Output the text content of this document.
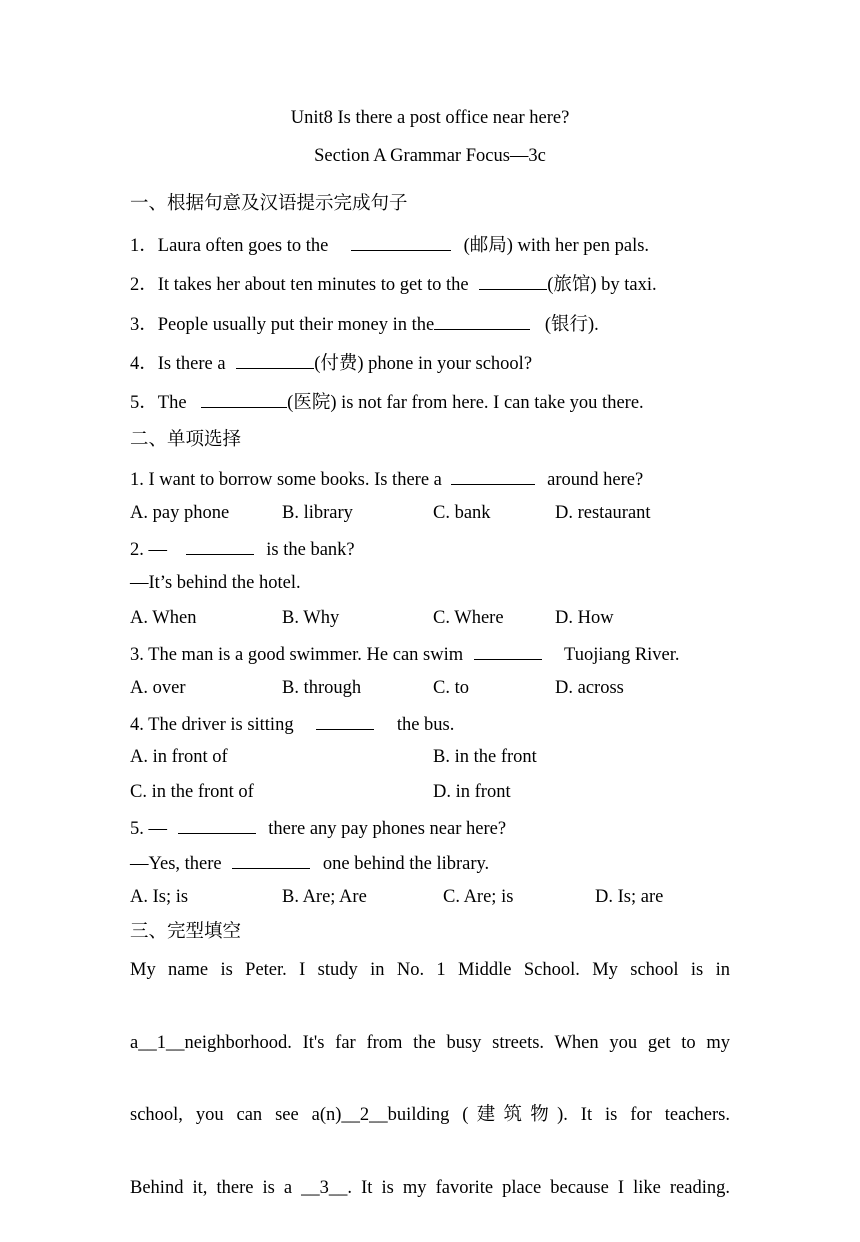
Unit8 Is there a post office near here?
Section A Grammar Focus—3c
一、根据句意及汉语提示完成句子
1．Laura often goes to the	(邮局) with her pen pals.
2．It takes her about ten minutes to get to the	(旅馆) by taxi.
3．People usually put their money in the	(银行).
4．Is there a	(付费) phone in your school?
5．The	(医院) is not far from here. I can take you there.
二、单项选择
1. I want to borrow some books. Is there a	around here?
A. pay phone	B. library	C. bank	D. restaurant
2. —	is the bank?
—It’s behind the hotel.
A. When	B. Why	C. Where	D. How
3. The man is a good swimmer. He can swim	Tuojiang River.
A. over	B. through	C. to	D. across
4. The driver is sitting	the bus.
A. in front of	B. in the front
C. in the front of	D. in front
5. —	there any pay phones near here?
—Yes, there	one behind the library.
A. Is; is	B. Are; Are	C. Are; is	D. Is; are
三、完型填空
My name is Peter. I study in No. 1 Middle School. My school is in
a__1__neighborhood. It's far from the busy streets. When you get to my
school, you can see a(n)__2__building (建筑物). It is for teachers.
Behind it, there is a __3__. It is my favorite place because I like reading.
